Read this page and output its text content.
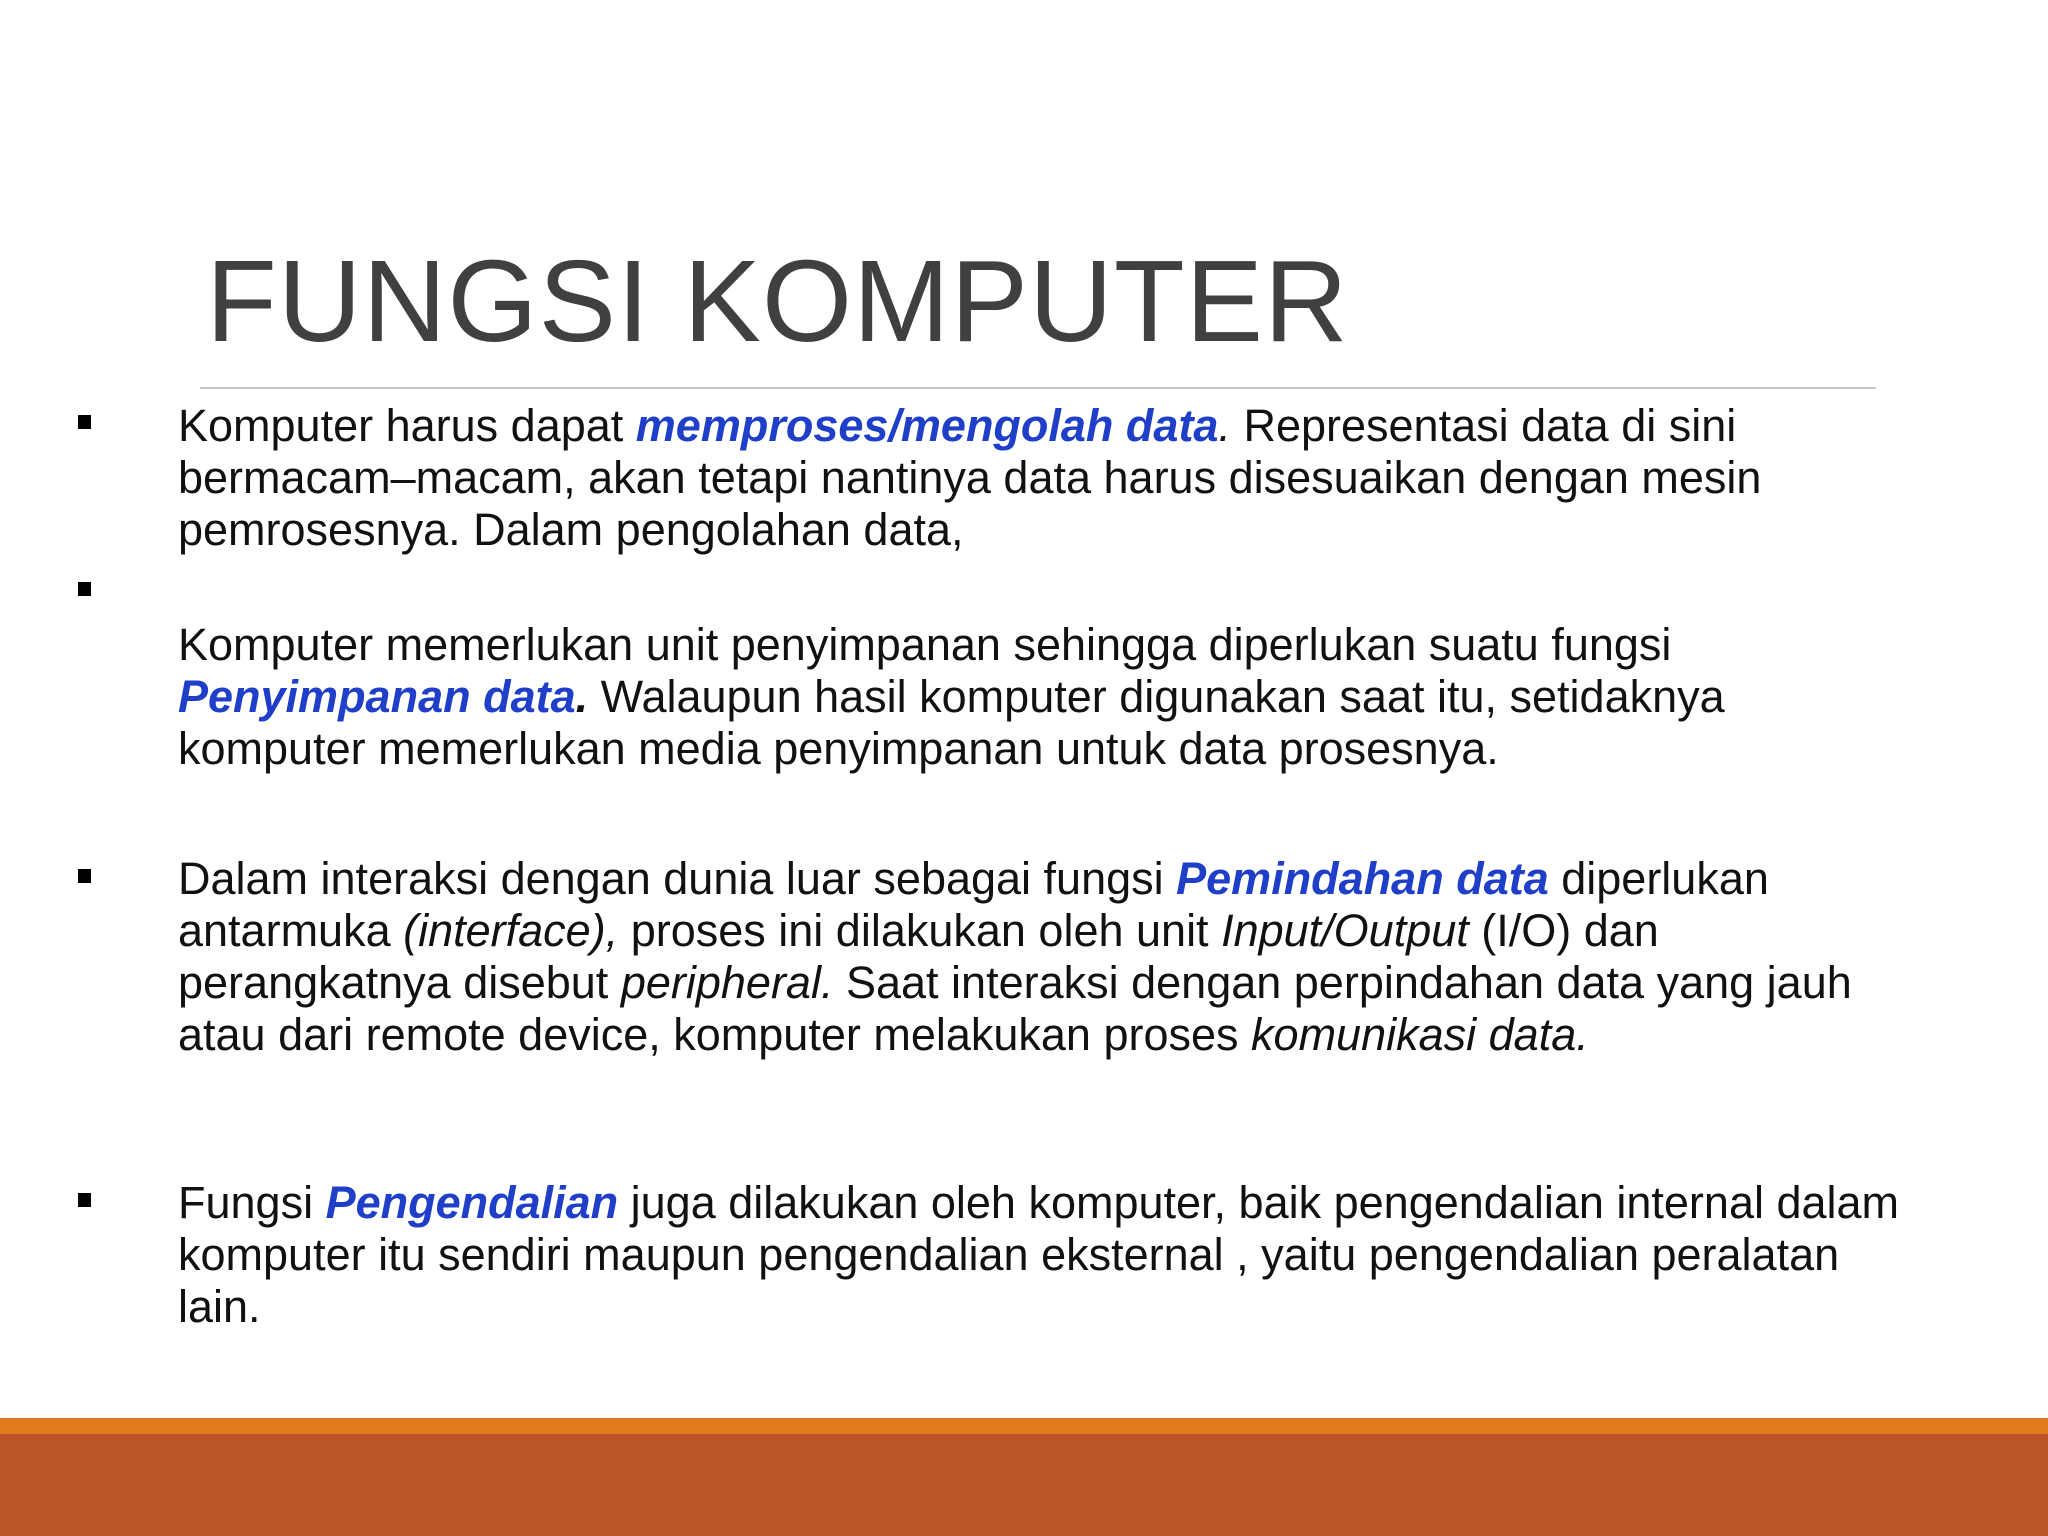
FUNGSI KOMPUTER

Komputer harus dapat memproses/mengolah data. Representasi data di sini bermacam–macam, akan tetapi nantinya data harus disesuaikan dengan mesin pemrosesnya. Dalam pengolahan data,

Komputer memerlukan unit penyimpanan sehingga diperlukan suatu fungsi Penyimpanan data. Walaupun hasil komputer digunakan saat itu, setidaknya komputer memerlukan media penyimpanan untuk data prosesnya.

Dalam interaksi dengan dunia luar sebagai fungsi Pemindahan data diperlukan antarmuka (interface), proses ini dilakukan oleh unit Input/Output (I/O) dan perangkatnya disebut peripheral. Saat interaksi dengan perpindahan data yang jauh atau dari remote device, komputer melakukan proses komunikasi data.

Fungsi Pengendalian juga dilakukan oleh komputer, baik pengendalian internal dalam komputer itu sendiri maupun pengendalian eksternal , yaitu pengendalian peralatan lain.
